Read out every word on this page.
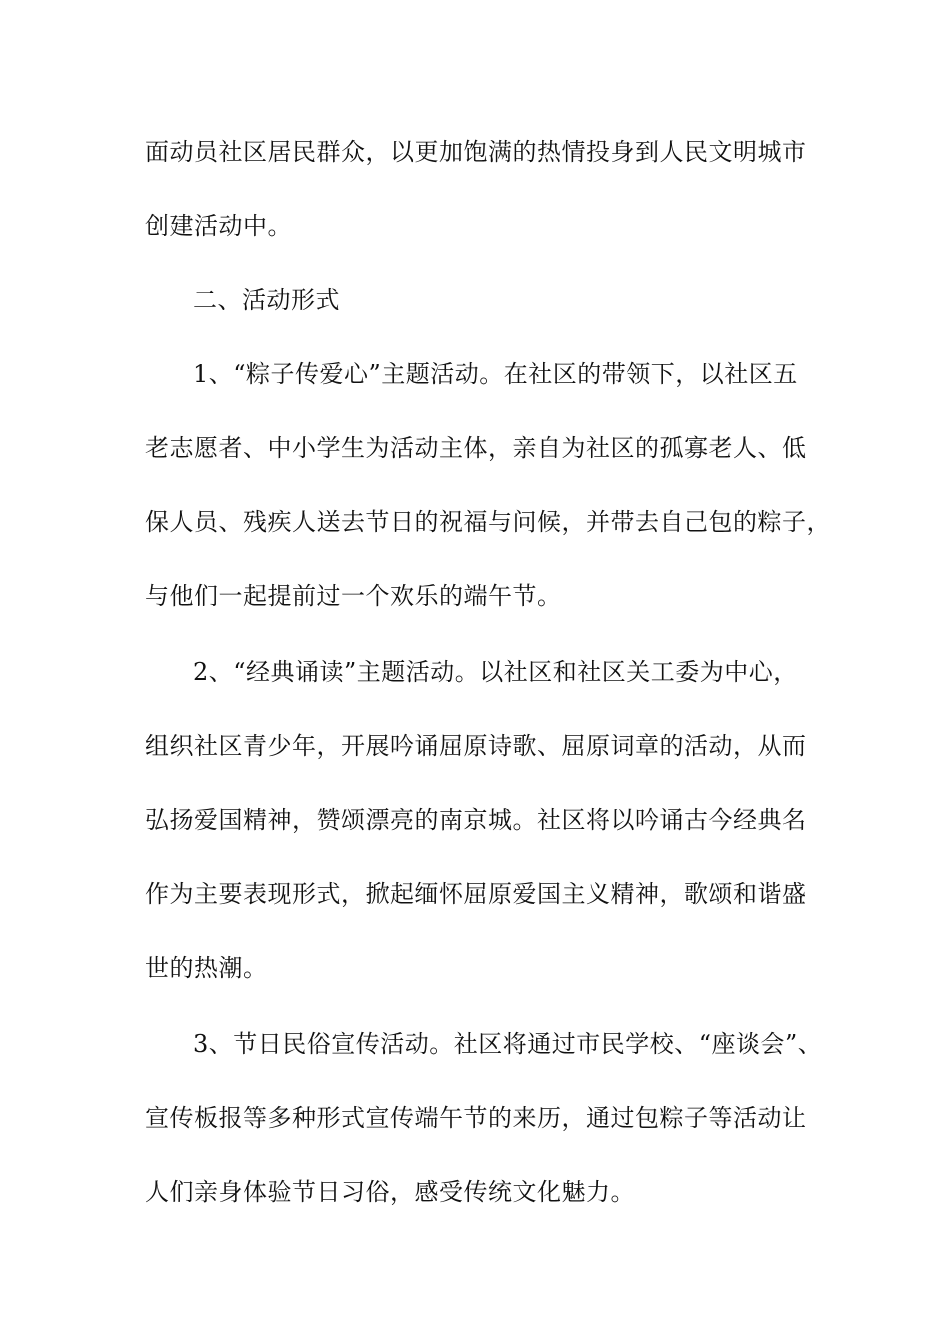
面动员社区居民群众，以更加饱满的热情投身到人民文明城市
创建活动中。
二、活动形式
1、“粽子传爱心”主题活动。在社区的带领下，以社区五
老志愿者、中小学生为活动主体，亲自为社区的孤寡老人、低
保人员、残疾人送去节日的祝福与问候，并带去自己包的粽子，
与他们一起提前过一个欢乐的端午节。
2、“经典诵读”主题活动。以社区和社区关工委为中心，
组织社区青少年，开展吟诵屈原诗歌、屈原词章的活动，从而
弘扬爱国精神，赞颂漂亮的南京城。社区将以吟诵古今经典名
作为主要表现形式，掀起缅怀屈原爱国主义精神，歌颂和谐盛
世的热潮。
3、节日民俗宣传活动。社区将通过市民学校、“座谈会”、
宣传板报等多种形式宣传端午节的来历，通过包粽子等活动让
人们亲身体验节日习俗，感受传统文化魅力。
